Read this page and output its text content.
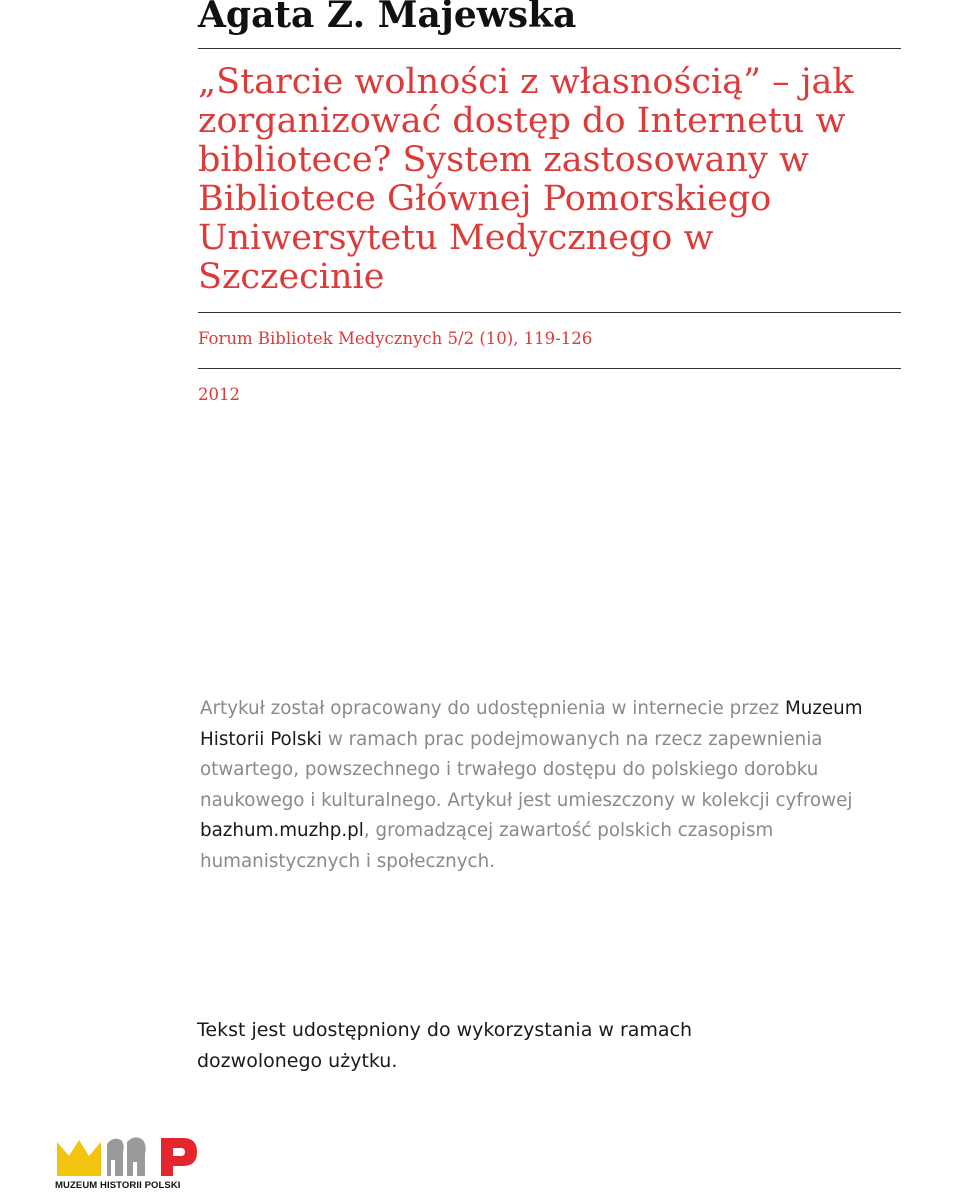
Agata Z. Majewska
„Starcie wolności z własnością” – jak zorganizować dostęp do Internetu w bibliotece? System zastosowany w Bibliotece Głównej Pomorskiego Uniwersytetu Medycznego w Szczecinie
Forum Bibliotek Medycznych 5/2 (10), 119-126
2012

Artykuł został opracowany do udostępnienia w internecie przez Muzeum Historii Polski w ramach prac podejmowanych na rzecz zapewnienia otwartego, powszechnego i trwałego dostępu do polskiego dorobku naukowego i kulturalnego. Artykuł jest umieszczony w kolekcji cyfrowej bazhum.muzhp.pl, gromadzącej zawartość polskich czasopism humanistycznych i społecznych.

Tekst jest udostępniony do wykorzystania w ramach dozwolonego użytku.

MUZEUM HISTORII POLSKI
